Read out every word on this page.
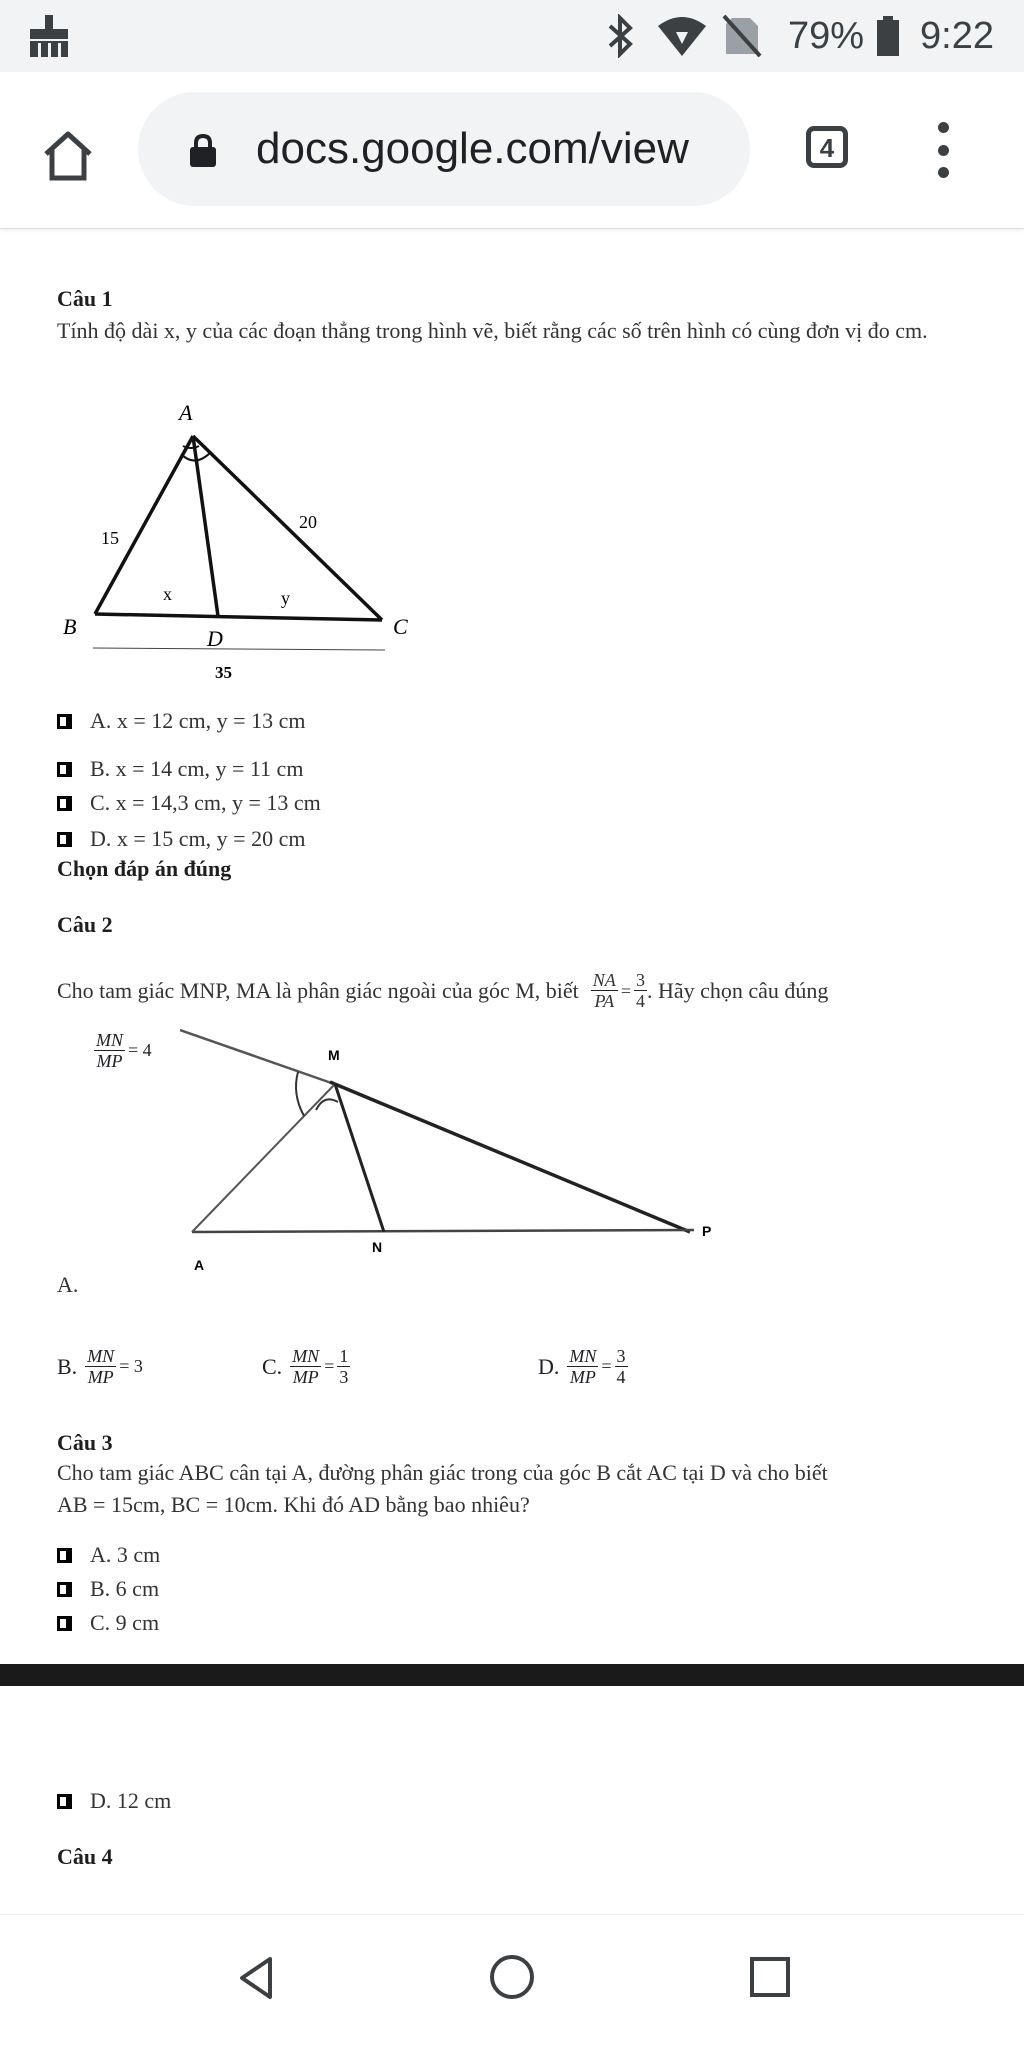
79% 9:22
docs.google.com/view	4
Câu 1
Tính độ dài x, y của các đoạn thẳng trong hình vẽ, biết rằng các số trên hình có cùng đơn vị đo cm.
A
B	C
D
15
20
x	y
35
A. x = 12 cm, y = 13 cm
B. x = 14 cm, y = 11 cm
C. x = 14,3 cm, y = 13 cm
D. x = 15 cm, y = 20 cm
Chọn đáp án đúng
Câu 2
Cho tam giác MNP, MA là phân giác ngoài của góc M, biết $\frac{NA}{PA} = \frac{3}{4}$ . Hãy chọn câu đúng
$\frac{MN}{MP} = 4$	M
N
P
A
A.
B. $\frac{MN}{MP} = 3$	C. $\frac{MN}{MP} = \frac{1}{3}$	D. $\frac{MN}{MP} = \frac{3}{4}$
Câu 3
Cho tam giác ABC cân tại A, đường phân giác trong của góc B cắt AC tại D và cho biết
AB = 15cm, BC = 10cm. Khi đó AD bằng bao nhiêu?
A. 3 cm
B. 6 cm
C. 9 cm
D. 12 cm
Câu 4
